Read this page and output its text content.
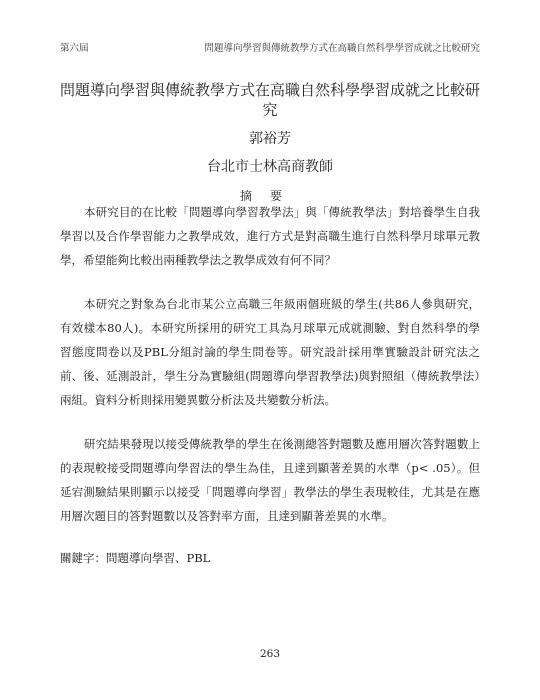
第六屆	問題導向學習與傳統教學方式在高職自然科學學習成就之比較研究

問題導向學習與傳統教學方式在高職自然科學學習成就之比較研究

郭裕芳

台北市士林高商教師

摘要

本研究目的在比較「問題導向學習教學法」與「傳統教學法」對培養學生自我學習以及合作學習能力之教學成效，進行方式是對高職生進行自然科學月球單元教學，希望能夠比較出兩種教學法之教學成效有何不同？

本研究之對象為台北市某公立高職三年級兩個班級的學生(共86人參與研究，有效樣本80人)。本研究所採用的研究工具為月球單元成就測驗、對自然科學的學習態度問卷以及PBL分組討論的學生問卷等。研究設計採用準實驗設計研究法之前、後、延測設計，學生分為實驗組(問題導向學習教學法)與對照組（傳統教學法）兩組。資料分析則採用變異數分析法及共變數分析法。

研究結果發現以接受傳統教學的學生在後測總答對題數及應用層次答對題數上的表現較接受問題導向學習法的學生為佳，且達到顯著差異的水準（p< .05）。但延宕測驗結果則顯示以接受「問題導向學習」教學法的學生表現較佳，尤其是在應用層次題目的答對題數以及答對率方面，且達到顯著差異的水準。

關鍵字：問題導向學習、PBL

263
